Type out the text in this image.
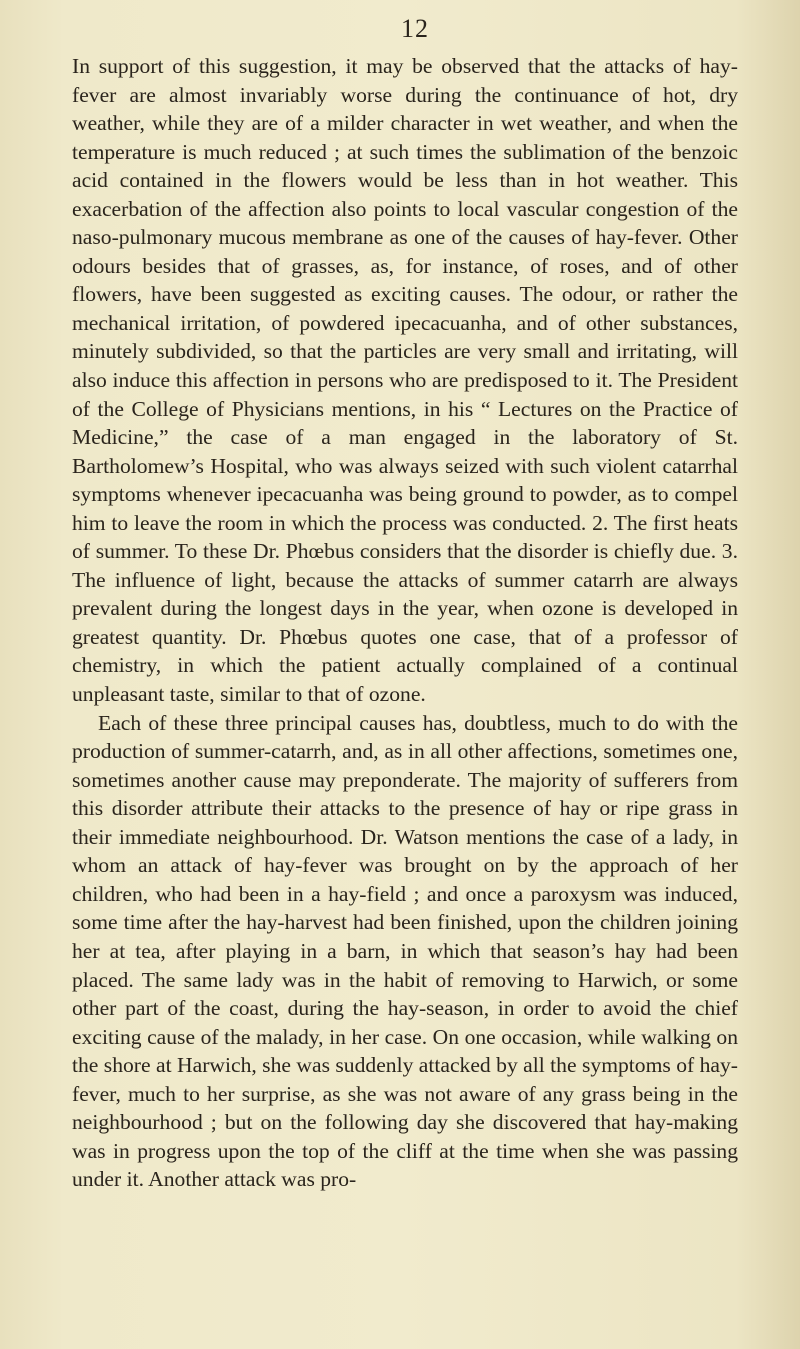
12

In support of this suggestion, it may be observed that the attacks of hay-fever are almost invariably worse during the continuance of hot, dry weather, while they are of a milder character in wet weather, and when the temperature is much reduced ; at such times the sublimation of the benzoic acid contained in the flowers would be less than in hot weather. This exacerbation of the affection also points to local vascular congestion of the naso-pulmonary mucous membrane as one of the causes of hay-fever. Other odours besides that of grasses, as, for instance, of roses, and of other flowers, have been suggested as exciting causes. The odour, or rather the mechanical irritation, of powdered ipecacuanha, and of other substances, minutely subdivided, so that the particles are very small and irritating, will also induce this affection in persons who are predisposed to it. The President of the College of Physicians mentions, in his “ Lectures on the Practice of Medicine,” the case of a man engaged in the laboratory of St. Bartholomew’s Hospital, who was always seized with such violent catarrhal symptoms whenever ipecacuanha was being ground to powder, as to compel him to leave the room in which the process was conducted. 2. The first heats of summer. To these Dr. Phœbus considers that the disorder is chiefly due. 3. The influence of light, because the attacks of summer catarrh are always prevalent during the longest days in the year, when ozone is developed in greatest quantity. Dr. Phœbus quotes one case, that of a professor of chemistry, in which the patient actually complained of a continual unpleasant taste, similar to that of ozone.

Each of these three principal causes has, doubtless, much to do with the production of summer-catarrh, and, as in all other affections, sometimes one, sometimes another cause may preponderate. The majority of sufferers from this disorder attribute their attacks to the presence of hay or ripe grass in their immediate neighbourhood. Dr. Watson mentions the case of a lady, in whom an attack of hay-fever was brought on by the approach of her children, who had been in a hay-field ; and once a paroxysm was induced, some time after the hay-harvest had been finished, upon the children joining her at tea, after playing in a barn, in which that season’s hay had been placed. The same lady was in the habit of removing to Harwich, or some other part of the coast, during the hay-season, in order to avoid the chief exciting cause of the malady, in her case. On one occasion, while walking on the shore at Harwich, she was suddenly attacked by all the symptoms of hay-fever, much to her surprise, as she was not aware of any grass being in the neighbourhood ; but on the following day she discovered that hay-making was in progress upon the top of the cliff at the time when she was passing under it. Another attack was pro-
